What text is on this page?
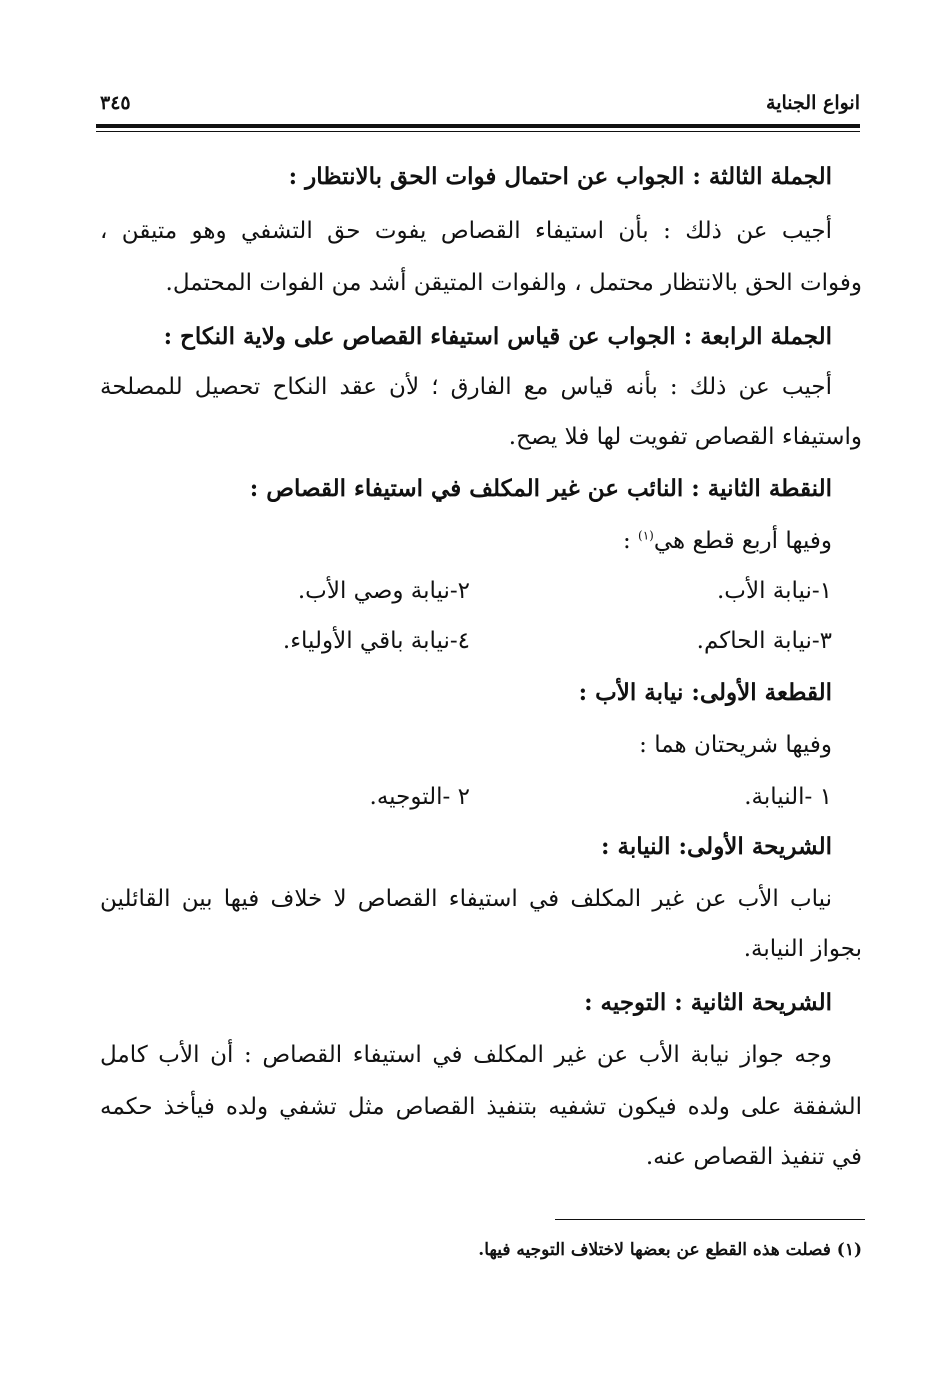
انواع الجناية
٣٤٥
الجملة الثالثة : الجواب عن احتمال فوات الحق بالانتظار :
أجيب عن ذلك : بأن استيفاء القصاص يفوت حق التشفي وهو متيقن ،
وفوات الحق بالانتظار محتمل ، والفوات المتيقن أشد من الفوات المحتمل.
الجملة الرابعة : الجواب عن قياس استيفاء القصاص على ولاية النكاح :
أجيب عن ذلك : بأنه قياس مع الفارق ؛ لأن عقد النكاح تحصيل للمصلحة
واستيفاء القصاص تفويت لها فلا يصح.
النقطة الثانية : النائب عن غير المكلف في استيفاء القصاص :
وفيها أربع قطع هي$^{(١)}$ :
١-نيابة الأب.
٢-نيابة وصي الأب.
٣-نيابة الحاكم.
٤-نيابة باقي الأولياء.
القطعة الأولى: نيابة الأب :
وفيها شريحتان هما :
١ -النيابة.
٢ -التوجيه.
الشريحة الأولى: النيابة :
نياب الأب عن غير المكلف في استيفاء القصاص لا خلاف فيها بين القائلين
بجواز النيابة.
الشريحة الثانية : التوجيه :
وجه جواز نيابة الأب عن غير المكلف في استيفاء القصاص : أن الأب كامل
الشفقة على ولده فيكون تشفيه بتنفيذ القصاص مثل تشفي ولده فيأخذ حكمه
في تنفيذ القصاص عنه.
(١) فصلت هذه القطع عن بعضها لاختلاف التوجيه فيها.
